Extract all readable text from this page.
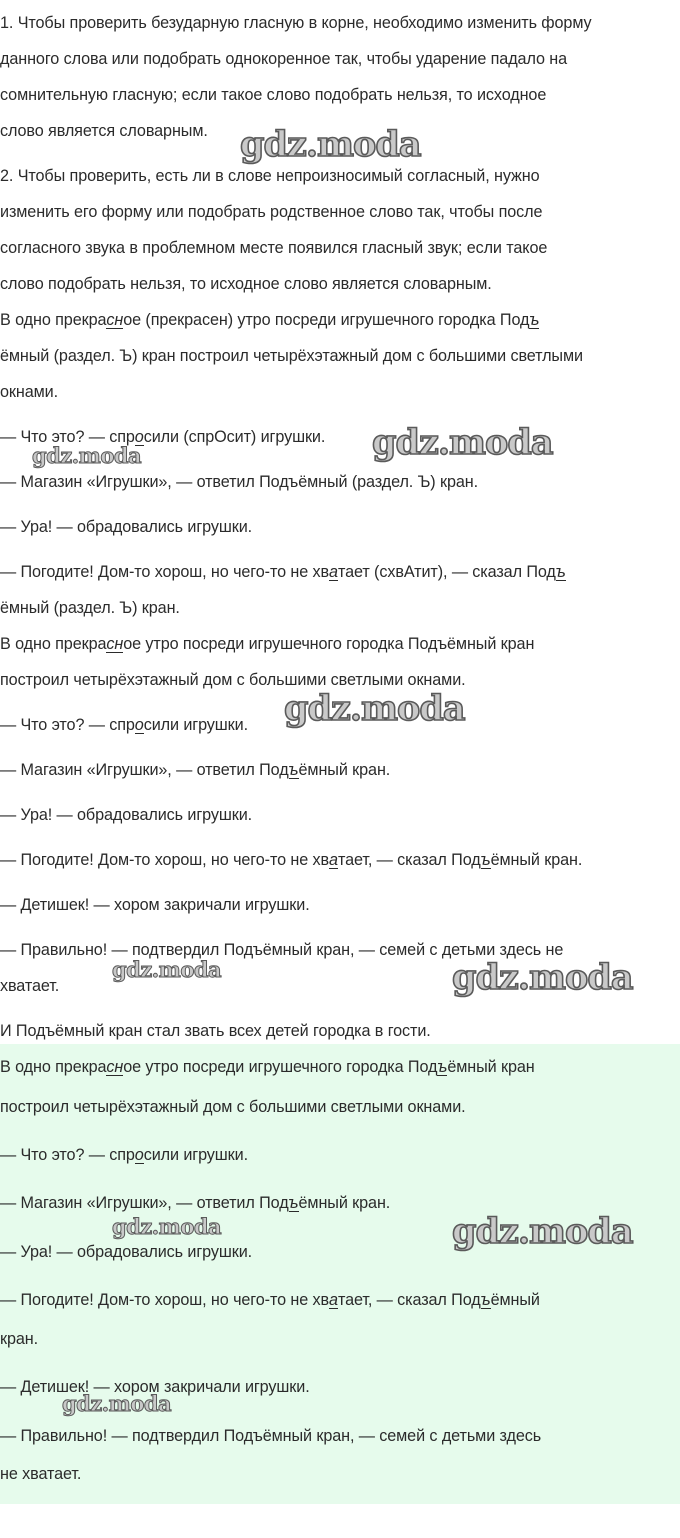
1. Чтобы проверить безударную гласную в корне, необходимо изменить форму

данного слова или подобрать однокоренное так, чтобы ударение падало на

сомнительную гласную; если такое слово подобрать нельзя, то исходное

слово является словарным.

2. Чтобы проверить, есть ли в слове непроизносимый согласный, нужно

изменить его форму или подобрать родственное слово так, чтобы после

согласного звука в проблемном месте появился гласный звук; если такое

слово подобрать нельзя, то исходное слово является словарным.

В одно прекрасное (прекрасен) утро посреди игрушечного городка Подъ

ёмный (раздел. Ъ) кран построил четырёхэтажный дом с большими светлыми

окнами.

— Что это? — спросили (спрОсит) игрушки.

— Магазин «Игрушки», — ответил Подъёмный (раздел. Ъ) кран.

— Ура! — обрадовались игрушки.

— Погодите! Дом-то хорош, но чего-то не хватает (схвАтит), — сказал Подъ

ёмный (раздел. Ъ) кран.

В одно прекрасное утро посреди игрушечного городка Подъёмный кран

построил четырёхэтажный дом с большими светлыми окнами.

— Что это? — спросили игрушки.

— Магазин «Игрушки», — ответил Подъёмный кран.

— Ура! — обрадовались игрушки.

— Погодите! Дом-то хорош, но чего-то не хватает, — сказал Подъёмный кран.

— Детишек! — хором закричали игрушки.

— Правильно! — подтвердил Подъёмный кран, — семей с детьми здесь не

хватает.

И Подъёмный кран стал звать всех детей городка в гости.

В одно прекрасное утро посреди игрушечного городка Подъёмный кран

построил четырёхэтажный дом с большими светлыми окнами.

— Что это? — спросили игрушки.

— Магазин «Игрушки», — ответил Подъёмный кран.

— Ура! — обрадовались игрушки.

— Погодите! Дом-то хорош, но чего-то не хватает, — сказал Подъёмный

кран.

— Детишек! — хором закричали игрушки.

— Правильно! — подтвердил Подъёмный кран, — семей с детьми здесь

не хватает.

gdz.moda
gdz.moda
gdz.moda
gdz.moda
gdz.moda	gdz.moda
gdz.moda	gdz.moda
gdz.moda
